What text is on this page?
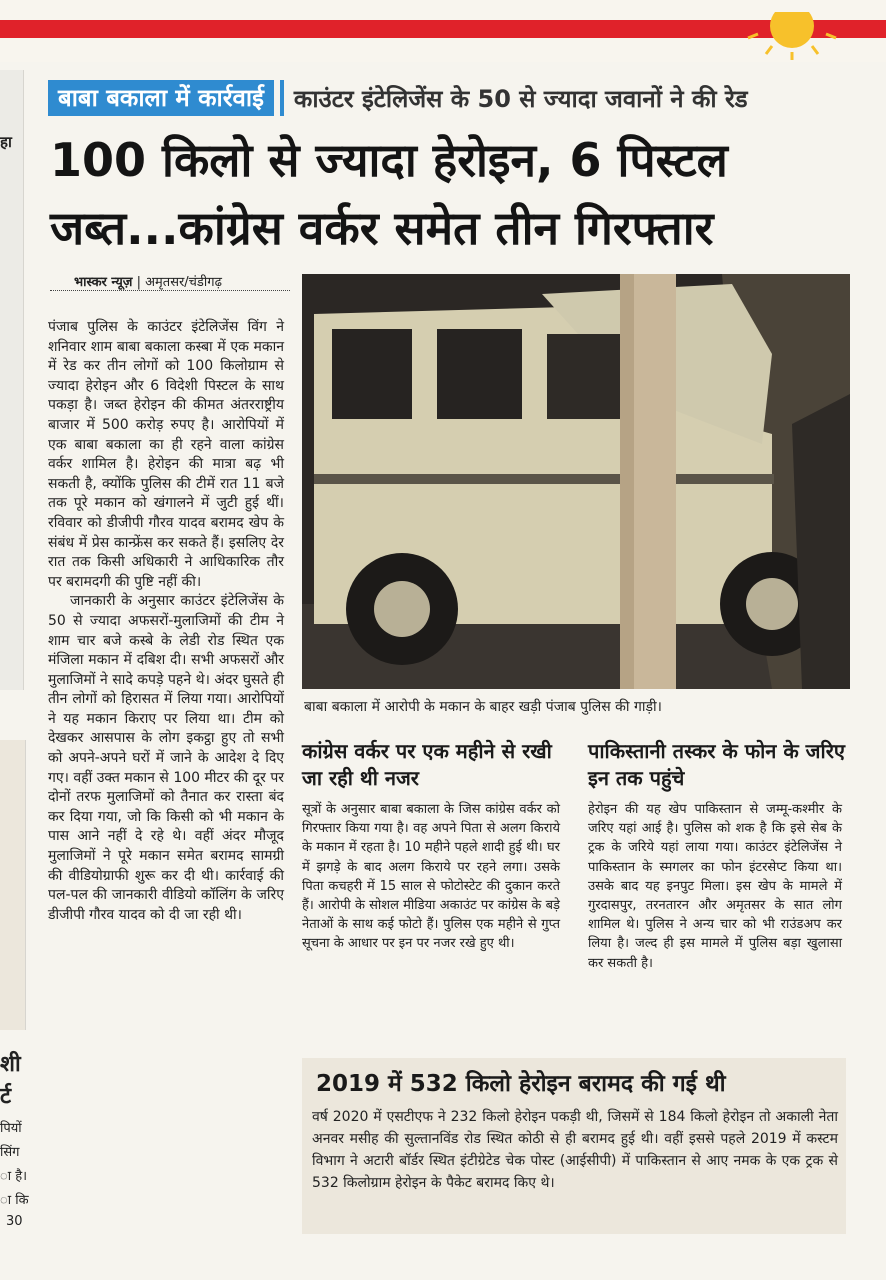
हा
शी
र्ट
पियों
सिंग
ा है।
ा कि
30
बाबा बकाला में कार्रवाई	काउंटर इंटेलिजेंस के 50 से ज्यादा जवानों ने की रेड
100 किलो से ज्यादा हेरोइन, 6 पिस्टल
जब्त...कांग्रेस वर्कर समेत तीन गिरफ्तार
भास्कर न्यूज़ | अमृतसर/चंडीगढ़

पंजाब पुलिस के काउंटर इंटेलिजेंस विंग ने शनिवार शाम बाबा बकाला कस्बा में एक मकान में रेड कर तीन लोगों को 100 किलोग्राम से ज्यादा हेरोइन और 6 विदेशी पिस्टल के साथ पकड़ा है। जब्त हेरोइन की कीमत अंतरराष्ट्रीय बाजार में 500 करोड़ रुपए है। आरोपियों में एक बाबा बकाला का ही रहने वाला कांग्रेस वर्कर शामिल है। हेरोइन की मात्रा बढ़ भी सकती है, क्योंकि पुलिस की टीमें रात 11 बजे तक पूरे मकान को खंगालने में जुटी हुई थीं। रविवार को डीजीपी गौरव यादव बरामद खेप के संबंध में प्रेस कान्फ्रेंस कर सकते हैं। इसलिए देर रात तक किसी अधिकारी ने आधिकारिक तौर पर बरामदगी की पुष्टि नहीं की।

जानकारी के अनुसार काउंटर इंटेलिजेंस के 50 से ज्यादा अफसरों-मुलाजिमों की टीम ने शाम चार बजे कस्बे के लेडी रोड स्थित एक मंजिला मकान में दबिश दी। सभी अफसरों और मुलाजिमों ने सादे कपड़े पहने थे। अंदर घुसते ही तीन लोगों को हिरासत में लिया गया। आरोपियों ने यह मकान किराए पर लिया था। टीम को देखकर आसपास के लोग इकट्ठा हुए तो सभी को अपने-अपने घरों में जाने के आदेश दे दिए गए। वहीं उक्त मकान से 100 मीटर की दूर पर दोनों तरफ मुलाजिमों को तैनात कर रास्ता बंद कर दिया गया, जो कि किसी को भी मकान के पास आने नहीं दे रहे थे। वहीं अंदर मौजूद मुलाजिमों ने पूरे मकान समेत बरामद सामग्री की वीडियोग्राफी शुरू कर दी थी। कार्रवाई की पल-पल की जानकारी वीडियो कॉलिंग के जरिए डीजीपी गौरव यादव को दी जा रही थी।

बाबा बकाला में आरोपी के मकान के बाहर खड़ी पंजाब पुलिस की गाड़ी।
कांग्रेस वर्कर पर एक महीने से रखी जा रही थी नजर
सूत्रों के अनुसार बाबा बकाला के जिस कांग्रेस वर्कर को गिरफ्तार किया गया है। वह अपने पिता से अलग किराये के मकान में रहता है। 10 महीने पहले शादी हुई थी। घर में झगड़े के बाद अलग किराये पर रहने लगा। उसके पिता कचहरी में 15 साल से फोटोस्टेट की दुकान करते हैं। आरोपी के सोशल मीडिया अकाउंट पर कांग्रेस के बड़े नेताओं के साथ कई फोटो हैं। पुलिस एक महीने से गुप्त सूचना के आधार पर इन पर नजर रखे हुए थी।
पाकिस्तानी तस्कर के फोन के जरिए इन तक पहुंचे
हेरोइन की यह खेप पाकिस्तान से जम्मू-कश्मीर के जरिए यहां आई है। पुलिस को शक है कि इसे सेब के ट्रक के जरिये यहां लाया गया। काउंटर इंटेलिजेंस ने पाकिस्तान के स्मगलर का फोन इंटरसेप्ट किया था। उसके बाद यह इनपुट मिला। इस खेप के मामले में गुरदासपुर, तरनतारन और अमृतसर के सात लोग शामिल थे। पुलिस ने अन्य चार को भी राउंडअप कर लिया है। जल्द ही इस मामले में पुलिस बड़ा खुलासा कर सकती है।
2019 में 532 किलो हेरोइन बरामद की गई थी
वर्ष 2020 में एसटीएफ ने 232 किलो हेरोइन पकड़ी थी, जिसमें से 184 किलो हेरोइन तो अकाली नेता अनवर मसीह की सुल्तानविंड रोड स्थित कोठी से ही बरामद हुई थी। वहीं इससे पहले 2019 में कस्टम विभाग ने अटारी बॉर्डर स्थित इंटीग्रेटेड चेक पोस्ट (आईसीपी) में पाकिस्तान से आए नमक के एक ट्रक से 532 किलोग्राम हेरोइन के पैकेट बरामद किए थे।
